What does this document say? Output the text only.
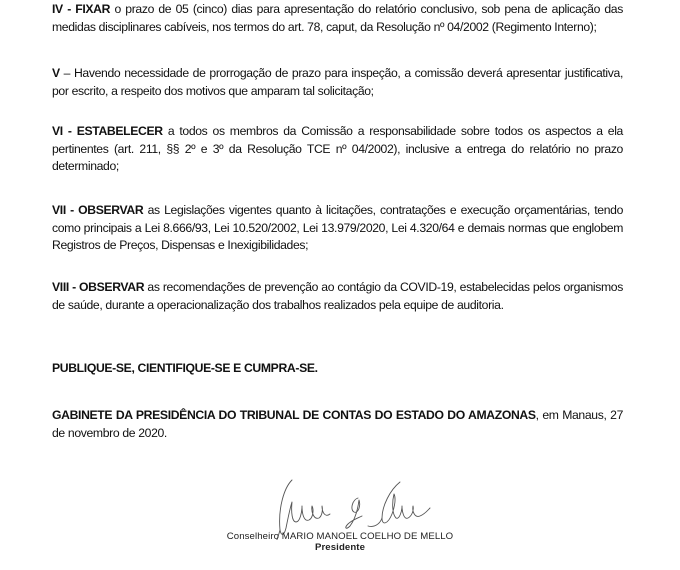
IV - FIXAR o prazo de 05 (cinco) dias para apresentação do relatório conclusivo, sob pena de aplicação das medidas disciplinares cabíveis, nos termos do art. 78, caput, da Resolução nº 04/2002 (Regimento Interno);

V – Havendo necessidade de prorrogação de prazo para inspeção, a comissão deverá apresentar justificativa, por escrito, a respeito dos motivos que amparam tal solicitação;

VI - ESTABELECER a todos os membros da Comissão a responsabilidade sobre todos os aspectos a ela pertinentes (art. 211, §§ 2º e 3º da Resolução TCE nº 04/2002), inclusive a entrega do relatório no prazo determinado;

VII - OBSERVAR as Legislações vigentes quanto à licitações, contratações e execução orçamentárias, tendo como principais a Lei 8.666/93, Lei 10.520/2002, Lei 13.979/2020, Lei 4.320/64 e demais normas que englobem Registros de Preços, Dispensas e Inexigibilidades;

VIII - OBSERVAR as recomendações de prevenção ao contágio da COVID-19, estabelecidas pelos organismos de saúde, durante a operacionalização dos trabalhos realizados pela equipe de auditoria.

PUBLIQUE-SE, CIENTIFIQUE-SE E CUMPRA-SE.

GABINETE DA PRESIDÊNCIA DO TRIBUNAL DE CONTAS DO ESTADO DO AMAZONAS, em Manaus, 27 de novembro de 2020.

Conselheiro MARIO MANOEL COELHO DE MELLO
Presidente
